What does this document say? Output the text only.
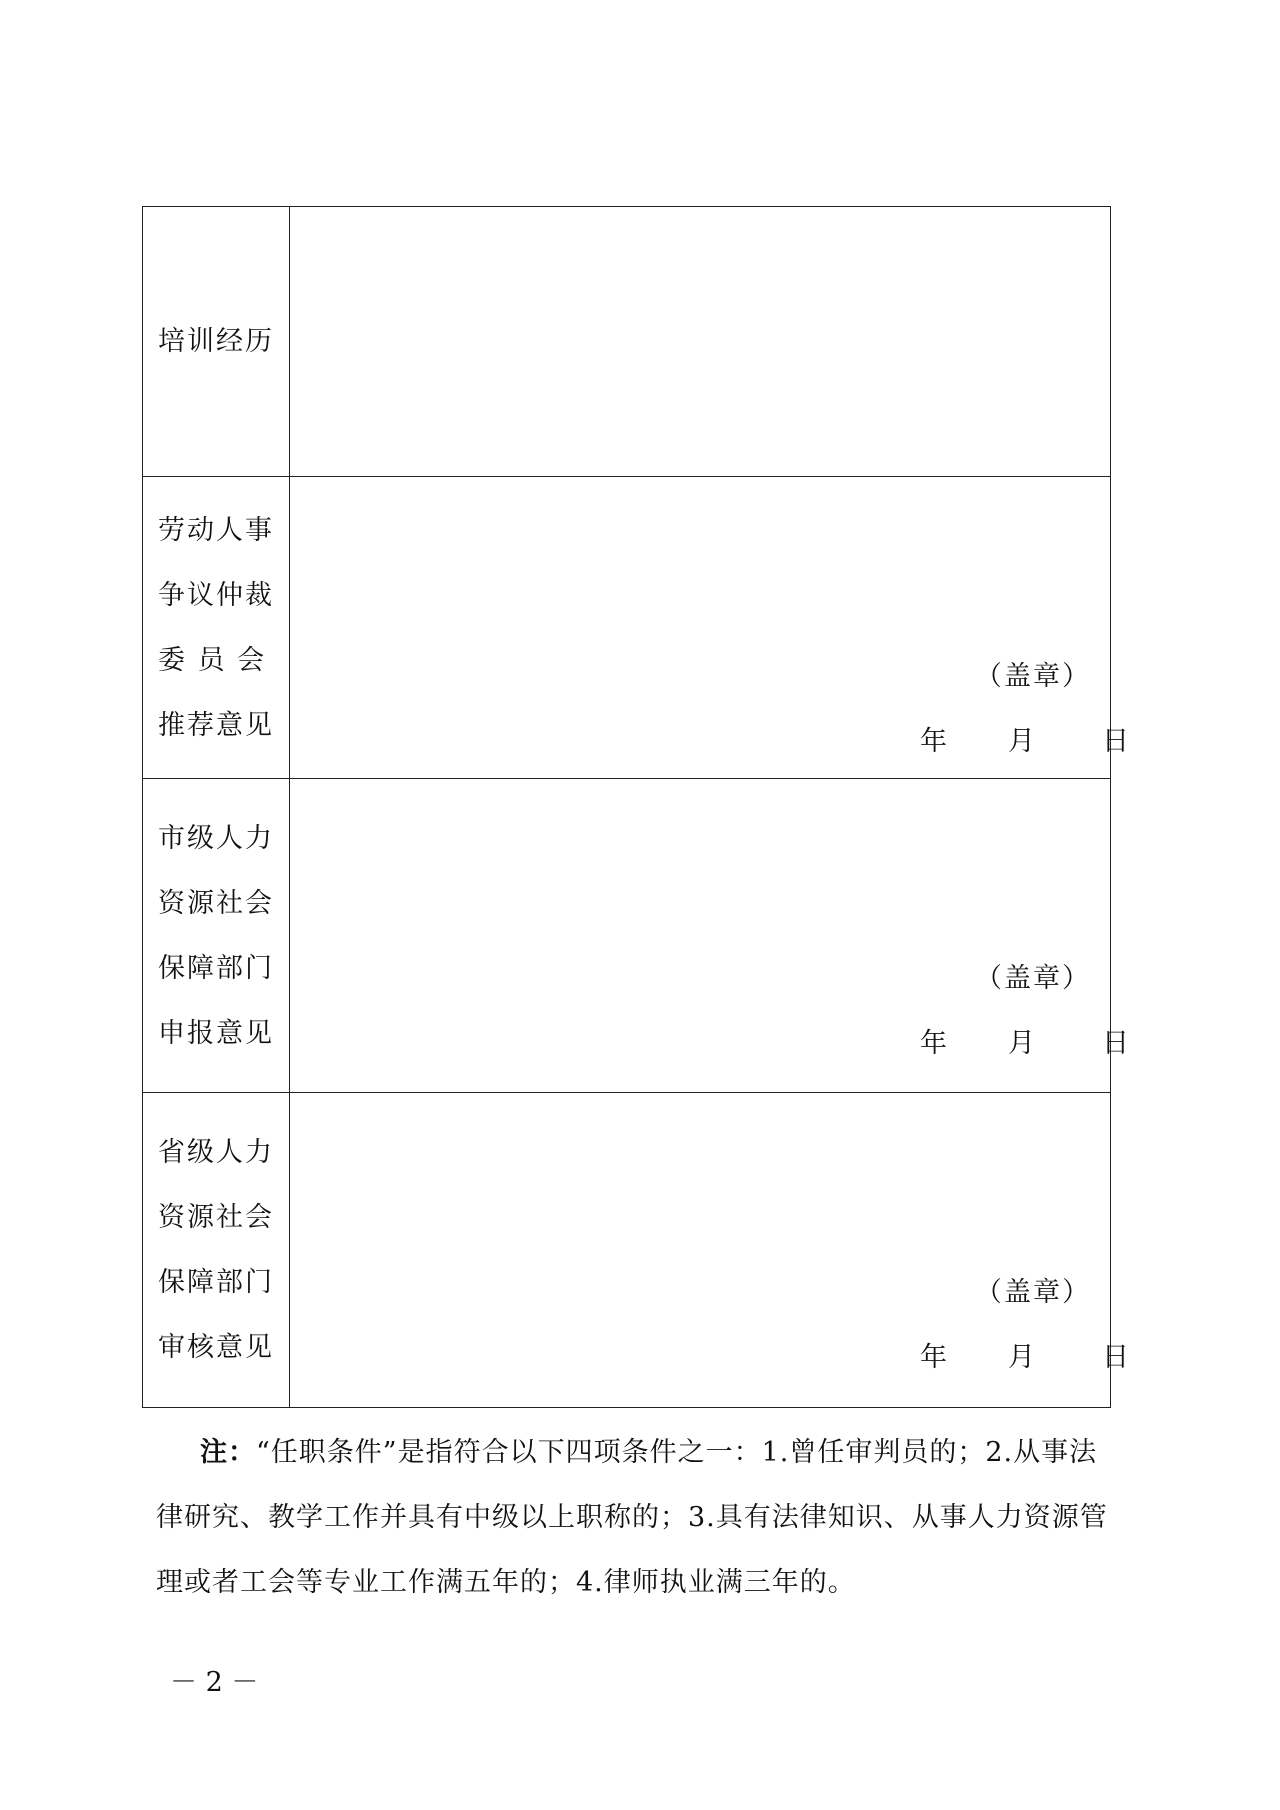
培训经历	

劳动人事
争议仲裁
委 员 会
推荐意见	（盖章）
年 月 日

市级人力
资源社会
保障部门
申报意见	（盖章）
年 月 日

省级人力
资源社会
保障部门
审核意见	（盖章）
年 月 日
注：“任职条件”是指符合以下四项条件之一：1.曾任审判员的；2.从事法律研究、教学工作并具有中级以上职称的；3.具有法律知识、从事人力资源管理或者工会等专业工作满五年的；4.律师执业满三年的。
－ 2 －
